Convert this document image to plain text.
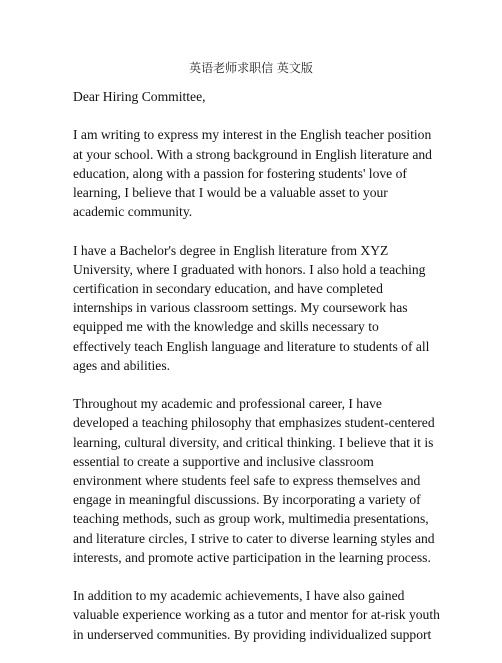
英语老师求职信 英文版
Dear Hiring Committee,
I am writing to express my interest in the English teacher position
at your school. With a strong background in English literature and
education, along with a passion for fostering students' love of
learning, I believe that I would be a valuable asset to your
academic community.
I have a Bachelor's degree in English literature from XYZ
University, where I graduated with honors. I also hold a teaching
certification in secondary education, and have completed
internships in various classroom settings. My coursework has
equipped me with the knowledge and skills necessary to
effectively teach English language and literature to students of all
ages and abilities.
Throughout my academic and professional career, I have
developed a teaching philosophy that emphasizes student-centered
learning, cultural diversity, and critical thinking. I believe that it is
essential to create a supportive and inclusive classroom
environment where students feel safe to express themselves and
engage in meaningful discussions. By incorporating a variety of
teaching methods, such as group work, multimedia presentations,
and literature circles, I strive to cater to diverse learning styles and
interests, and promote active participation in the learning process.
In addition to my academic achievements, I have also gained
valuable experience working as a tutor and mentor for at-risk youth
in underserved communities. By providing individualized support
